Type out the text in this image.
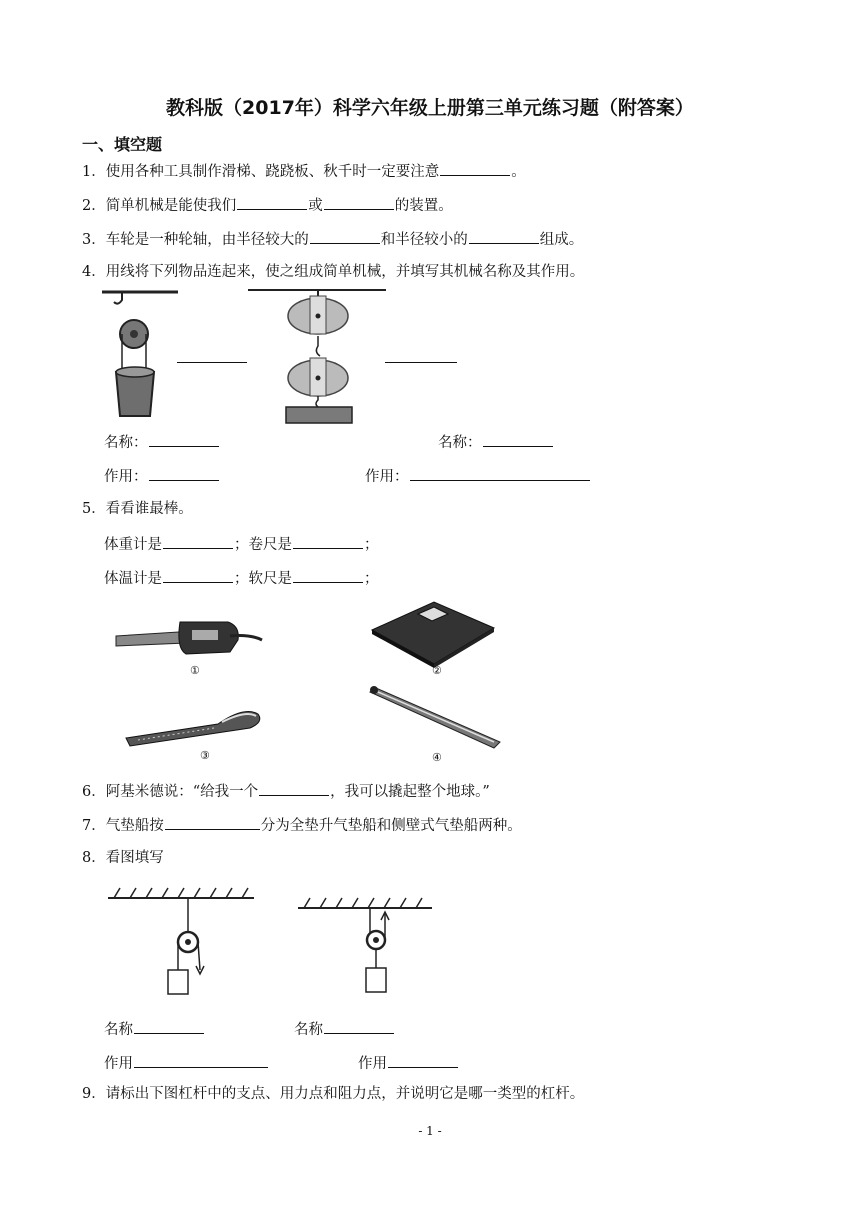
教科版（2017年）科学六年级上册第三单元练习题（附答案）
一、填空题
1．使用各种工具制作滑梯、跷跷板、秋千时一定要注意	。
2．简单机械是能使我们	或	的装置。
3．车轮是一种轮轴，由半径较大的	和半径较小的	组成。
4．用线将下列物品连起来，使之组成简单机械，并填写其机械名称及其作用。
名称：	名称：
作用：	作用：
5．看看谁最棒。
体重计是	；卷尺是	；
体温计是	；软尺是	；
①	②
③	④
6．阿基米德说：“给我一个	，我可以撬起整个地球。”
7．气垫船按	分为全垫升气垫船和侧壁式气垫船两种。
8．看图填写
名称	名称
作用	作用
9．请标出下图杠杆中的支点、用力点和阻力点，并说明它是哪一类型的杠杆。
- 1 -
